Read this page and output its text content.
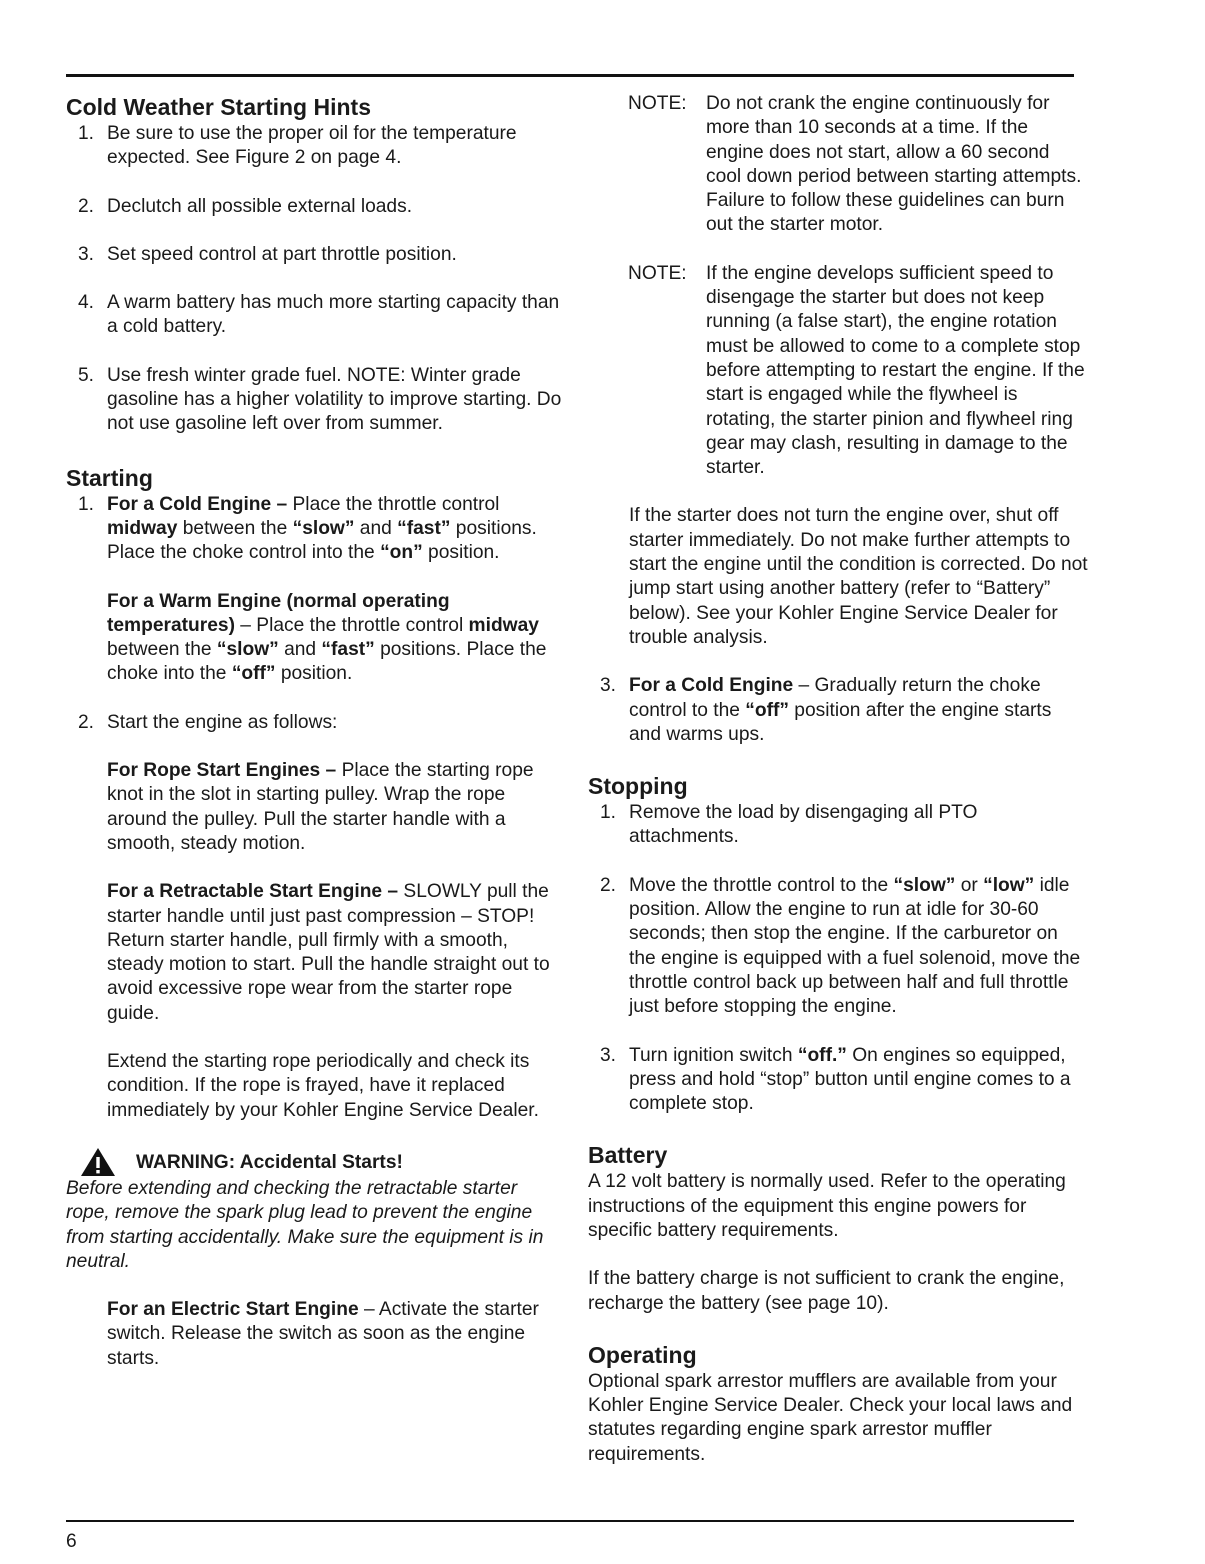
Cold Weather Starting Hints
1. Be sure to use the proper oil for the temperature expected. See Figure 2 on page 4.
2. Declutch all possible external loads.
3. Set speed control at part throttle position.
4. A warm battery has much more starting capacity than a cold battery.
5. Use fresh winter grade fuel. NOTE: Winter grade gasoline has a higher volatility to improve starting. Do not use gasoline left over from summer.
Starting
1. For a Cold Engine – Place the throttle control midway between the “slow” and “fast” positions. Place the choke control into the “on” position.
For a Warm Engine (normal operating temperatures) – Place the throttle control midway between the “slow” and “fast” positions. Place the choke into the “off” position.
2. Start the engine as follows:
For Rope Start Engines – Place the starting rope knot in the slot in starting pulley. Wrap the rope around the pulley. Pull the starter handle with a smooth, steady motion.
For a Retractable Start Engine – SLOWLY pull the starter handle until just past compression – STOP! Return starter handle, pull firmly with a smooth, steady motion to start. Pull the handle straight out to avoid excessive rope wear from the starter rope guide.
Extend the starting rope periodically and check its condition. If the rope is frayed, have it replaced immediately by your Kohler Engine Service Dealer.
WARNING: Accidental Starts!
Before extending and checking the retractable starter rope, remove the spark plug lead to prevent the engine from starting accidentally. Make sure the equipment is in neutral.
For an Electric Start Engine – Activate the starter switch. Release the switch as soon as the engine starts.
NOTE: Do not crank the engine continuously for more than 10 seconds at a time. If the engine does not start, allow a 60 second cool down period between starting attempts. Failure to follow these guidelines can burn out the starter motor.
NOTE: If the engine develops sufficient speed to disengage the starter but does not keep running (a false start), the engine rotation must be allowed to come to a complete stop before attempting to restart the engine. If the start is engaged while the flywheel is rotating, the starter pinion and flywheel ring gear may clash, resulting in damage to the starter.
If the starter does not turn the engine over, shut off starter immediately. Do not make further attempts to start the engine until the condition is corrected. Do not jump start using another battery (refer to “Battery” below). See your Kohler Engine Service Dealer for trouble analysis.
3. For a Cold Engine – Gradually return the choke control to the “off” position after the engine starts and warms ups.
Stopping
1. Remove the load by disengaging all PTO attachments.
2. Move the throttle control to the “slow” or “low” idle position. Allow the engine to run at idle for 30-60 seconds; then stop the engine. If the carburetor on the engine is equipped with a fuel solenoid, move the throttle control back up between half and full throttle just before stopping the engine.
3. Turn ignition switch “off.” On engines so equipped, press and hold “stop” button until engine comes to a complete stop.
Battery

A 12 volt battery is normally used. Refer to the operating instructions of the equipment this engine powers for specific battery requirements.

If the battery charge is not sufficient to crank the engine, recharge the battery (see page 10).

Operating

Optional spark arrestor mufflers are available from your Kohler Engine Service Dealer. Check your local laws and statutes regarding engine spark arrestor muffler requirements.

6
